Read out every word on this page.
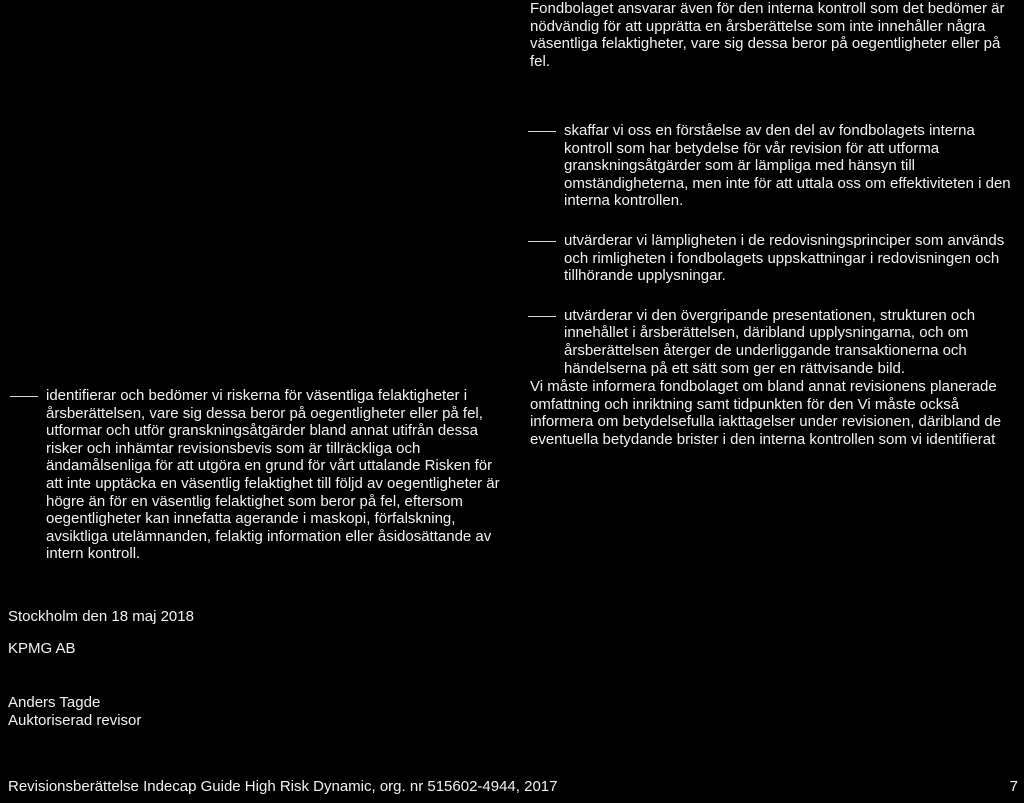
Fondbolaget ansvarar även för den interna kontroll som det bedömer är nödvändig för att upprätta en årsberättelse som inte innehåller några väsentliga felaktigheter, vare sig dessa beror på oegentligheter eller på fel.

skaffar vi oss en förståelse av den del av fondbolagets interna kontroll som har betydelse för vår revision för att utforma granskningsåtgärder som är lämpliga med hänsyn till omständigheterna, men inte för att uttala oss om effektiviteten i den interna kontrollen.
utvärderar vi lämpligheten i de redovisningsprinciper som används och rimligheten i fondbolagets uppskattningar i redovisningen och tillhörande upplysningar.
utvärderar vi den övergripande presentationen, strukturen och innehållet i årsberättelsen, däribland upplysningarna, och om årsberättelsen återger de underliggande transaktionerna och händelserna på ett sätt som ger en rättvisande bild.

Vi måste informera fondbolaget om bland annat revisionens planerade omfattning och inriktning samt tidpunkten för den Vi måste också informera om betydelsefulla iakttagelser under revisionen, däribland de eventuella betydande brister i den interna kontrollen som vi identifierat

identifierar och bedömer vi riskerna för väsentliga felaktigheter i årsberättelsen, vare sig dessa beror på oegentligheter eller på fel, utformar och utför granskningsåtgärder bland annat utifrån dessa risker och inhämtar revisionsbevis som är tillräckliga och ändamålsenliga för att utgöra en grund för vårt uttalande Risken för att inte upptäcka en väsentlig felaktighet till följd av oegentligheter är högre än för en väsentlig felaktighet som beror på fel, eftersom oegentligheter kan innefatta agerande i maskopi, förfalskning, avsiktliga utelämnanden, felaktig information eller åsidosättande av intern kontroll.
Stockholm den 18 maj 2018
KPMG AB
Anders Tagde
Auktoriserad revisor
Revisionsberättelse Indecap Guide High Risk Dynamic, org. nr 515602-4944, 2017	7
